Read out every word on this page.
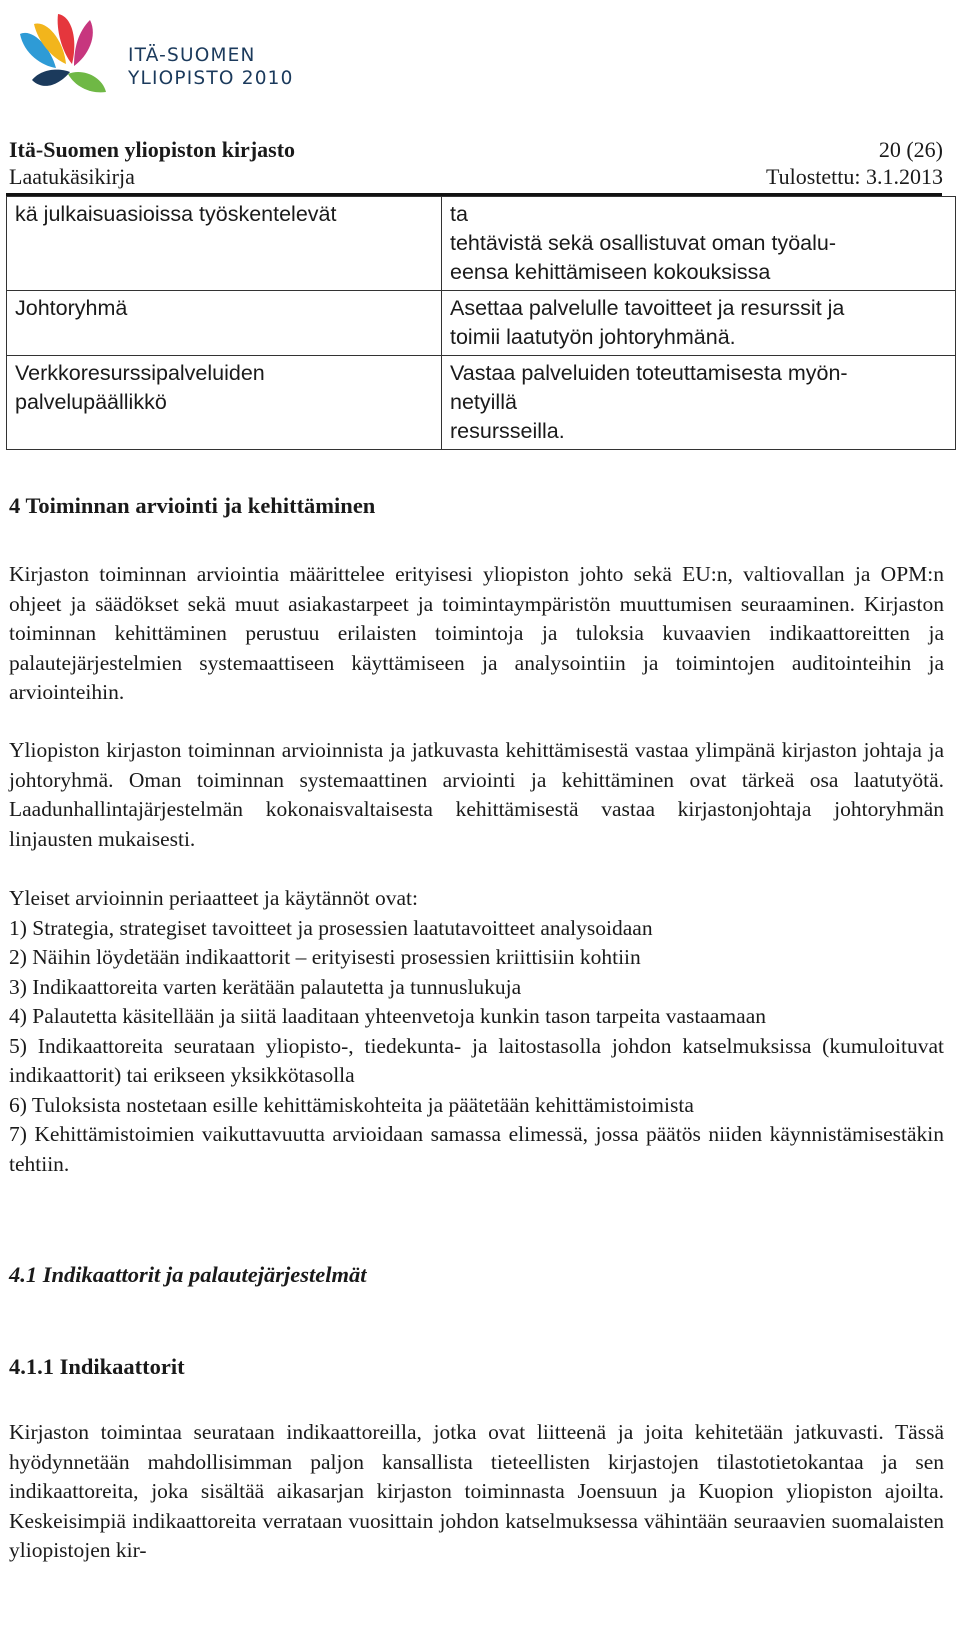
ITÄ-SUOMEN
YLIOPISTO 2010
Itä-Suomen yliopiston kirjasto	20 (26)
Laatukäsikirja	Tulostettu: 3.1.2013
kä julkaisuasioissa työskentelevät	ta
tehtävistä sekä osallistuvat oman työalu-
eensa kehittämiseen kokouksissa

Johtoryhmä	Asettaa palvelulle tavoitteet ja resurssit ja
toimii laatutyön johtoryhmänä.

Verkkoresurssipalveluiden
palvelupäällikkö	Vastaa palveluiden toteuttamisesta myön-
netyillä
resursseilla.
4 Toiminnan arviointi ja kehittäminen

Kirjaston toiminnan arviointia määrittelee erityisesi yliopiston johto sekä EU:n, valtiovallan ja OPM:n ohjeet ja säädökset sekä muut asiakastarpeet ja toimintaympäristön muuttumisen seuraaminen. Kirjaston toiminnan kehittäminen perustuu erilaisten toimintoja ja tuloksia kuvaavien indikaattoreitten ja palautejärjestelmien systemaattiseen käyttämiseen ja analysointiin ja toimintojen auditointeihin ja arviointeihin.

Yliopiston kirjaston toiminnan arvioinnista ja jatkuvasta kehittämisestä vastaa ylimpänä kirjaston johtaja ja johtoryhmä. Oman toiminnan systemaattinen arviointi ja kehittäminen ovat tärkeä osa laatutyötä. Laadunhallintajärjestelmän kokonaisvaltaisesta kehittämisestä vastaa kirjastonjohtaja johtoryhmän linjausten mukaisesti.

Yleiset arvioinnin periaatteet ja käytännöt ovat:

1) Strategia, strategiset tavoitteet ja prosessien laatutavoitteet analysoidaan

2) Näihin löydetään indikaattorit – erityisesti prosessien kriittisiin kohtiin

3) Indikaattoreita varten kerätään palautetta ja tunnuslukuja

4) Palautetta käsitellään ja siitä laaditaan yhteenvetoja kunkin tason tarpeita vastaamaan

5) Indikaattoreita seurataan yliopisto-, tiedekunta- ja laitostasolla johdon katselmuksissa (kumuloituvat indikaattorit) tai erikseen yksikkötasolla

6) Tuloksista nostetaan esille kehittämiskohteita ja päätetään kehittämistoimista

7) Kehittämistoimien vaikuttavuutta arvioidaan samassa elimessä, jossa päätös niiden käynnistämisestäkin tehtiin.

4.1 Indikaattorit ja palautejärjestelmät
4.1.1 Indikaattorit

Kirjaston toimintaa seurataan indikaattoreilla, jotka ovat liitteenä ja joita kehitetään jatkuvasti. Tässä hyödynnetään mahdollisimman paljon kansallista tieteellisten kirjastojen tilastotietokantaa ja sen indikaattoreita, joka sisältää aikasarjan kirjaston toiminnasta Joensuun ja Kuopion yliopiston ajoilta. Keskeisimpiä indikaattoreita verrataan vuosittain johdon katselmuksessa vähintään seuraavien suomalaisten yliopistojen kir-
